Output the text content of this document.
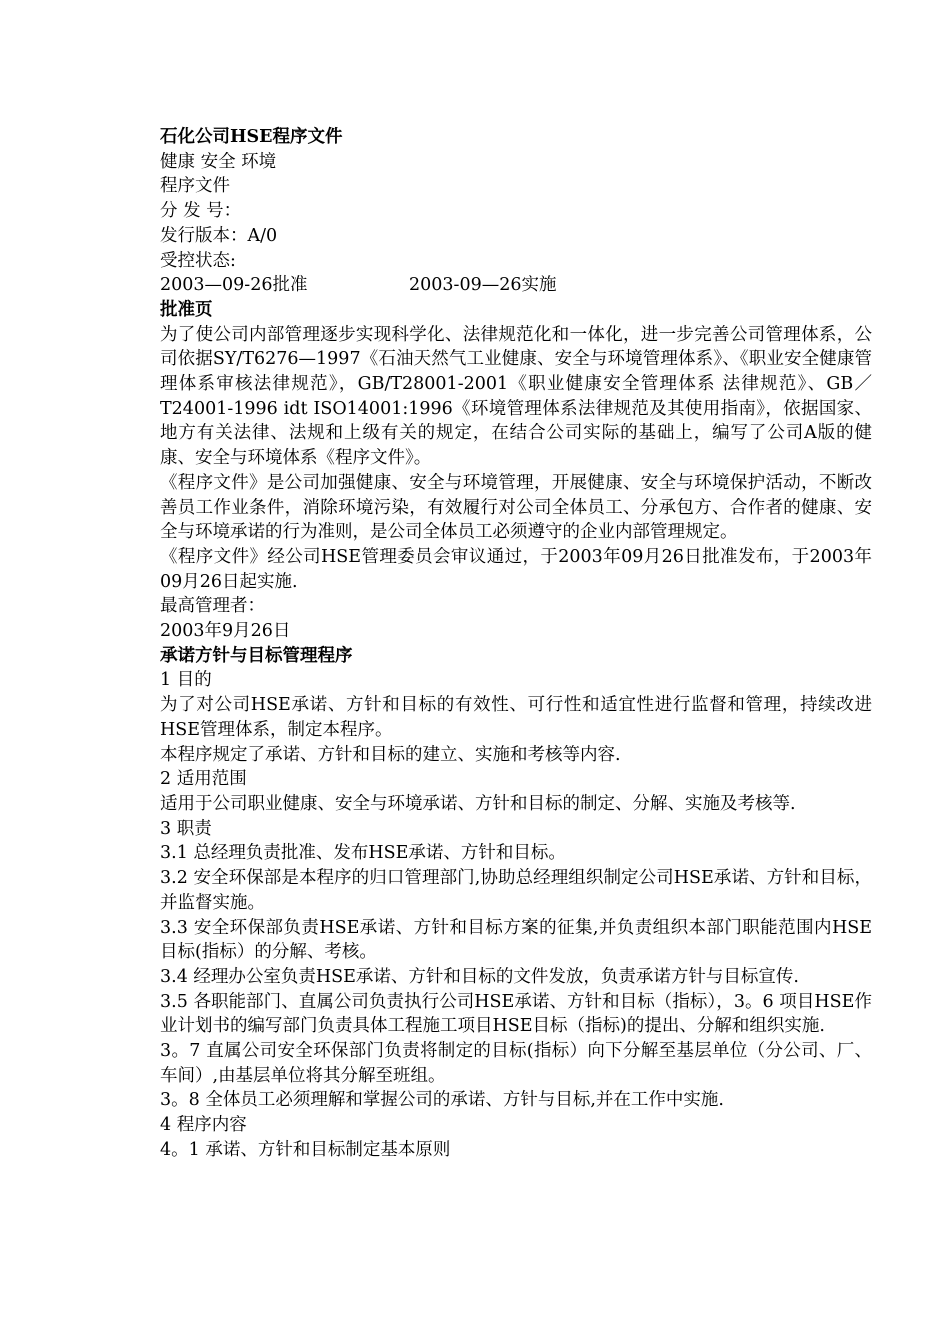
石化公司HSE程序文件

健康 安全 环境

程序文件

分 发 号：

发行版本：A/0

受控状态:

2003—09-26批准	2003-09—26实施

批准页

为了使公司内部管理逐步实现科学化、法律规范化和一体化，进一步完善公司管理体系，公司依据SY/T6276—1997《石油天然气工业健康、安全与环境管理体系》、《职业安全健康管理体系审核法律规范》，GB/T28001-2001《职业健康安全管理体系 法律规范》、GB／T24001-1996 idt ISO14001:1996《环境管理体系法律规范及其使用指南》，依据国家、地方有关法律、法规和上级有关的规定，在结合公司实际的基础上，编写了公司A版的健康、安全与环境体系《程序文件》。

《程序文件》是公司加强健康、安全与环境管理，开展健康、安全与环境保护活动，不断改善员工作业条件，消除环境污染，有效履行对公司全体员工、分承包方、合作者的健康、安全与环境承诺的行为准则，是公司全体员工必须遵守的企业内部管理规定。

《程序文件》经公司HSE管理委员会审议通过，于2003年09月26日批准发布，于2003年09月26日起实施.

最高管理者：

2003年9月26日

承诺方针与目标管理程序

1 目的

为了对公司HSE承诺、方针和目标的有效性、可行性和适宜性进行监督和管理，持续改进HSE管理体系，制定本程序。

本程序规定了承诺、方针和目标的建立、实施和考核等内容.

2 适用范围

适用于公司职业健康、安全与环境承诺、方针和目标的制定、分解、实施及考核等.

3 职责

3.1 总经理负责批准、发布HSE承诺、方针和目标。

3.2 安全环保部是本程序的归口管理部门,协助总经理组织制定公司HSE承诺、方针和目标，并监督实施。

3.3 安全环保部负责HSE承诺、方针和目标方案的征集,并负责组织本部门职能范围内HSE目标(指标）的分解、考核。

3.4 经理办公室负责HSE承诺、方针和目标的文件发放，负责承诺方针与目标宣传.

3.5 各职能部门、直属公司负责执行公司HSE承诺、方针和目标（指标），3。6 项目HSE作业计划书的编写部门负责具体工程施工项目HSE目标（指标)的提出、分解和组织实施.

3。7 直属公司安全环保部门负责将制定的目标(指标）向下分解至基层单位（分公司、厂、车间）,由基层单位将其分解至班组。

3。8 全体员工必须理解和掌握公司的承诺、方针与目标,并在工作中实施.

4 程序内容

4。1 承诺、方针和目标制定基本原则
